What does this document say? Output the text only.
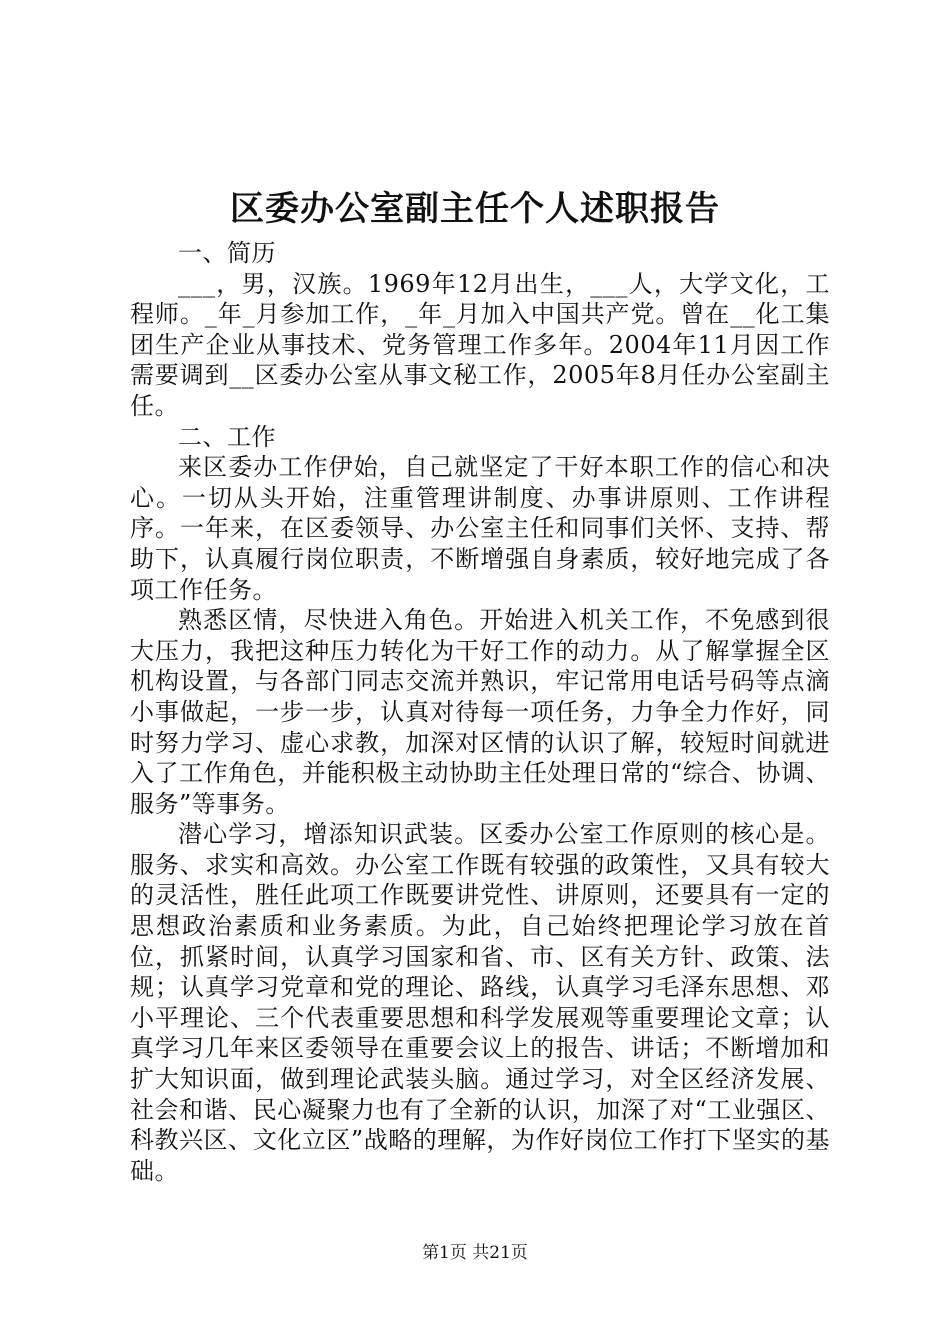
区委办公室副主任个人述职报告

一、简历

___，男，汉族。1969年12月出生，___人，大学文化，工程师。_年_月参加工作，_年_月加入中国共产党。曾在__化工集团生产企业从事技术、党务管理工作多年。2004年11月因工作需要调到__区委办公室从事文秘工作，2005年8月任办公室副主任。

二、工作

来区委办工作伊始，自己就坚定了干好本职工作的信心和决心。一切从头开始，注重管理讲制度、办事讲原则、工作讲程序。一年来，在区委领导、办公室主任和同事们关怀、支持、帮助下，认真履行岗位职责，不断增强自身素质，较好地完成了各项工作任务。

熟悉区情，尽快进入角色。开始进入机关工作，不免感到很大压力，我把这种压力转化为干好工作的动力。从了解掌握全区机构设置，与各部门同志交流并熟识，牢记常用电话号码等点滴小事做起，一步一步，认真对待每一项任务，力争全力作好，同时努力学习、虚心求教，加深对区情的认识了解，较短时间就进入了工作角色，并能积极主动协助主任处理日常的“综合、协调、服务”等事务。

潜心学习，增添知识武装。区委办公室工作原则的核心是。服务、求实和高效。办公室工作既有较强的政策性，又具有较大的灵活性，胜任此项工作既要讲党性、讲原则，还要具有一定的思想政治素质和业务素质。为此，自己始终把理论学习放在首位，抓紧时间，认真学习国家和省、市、区有关方针、政策、法规；认真学习党章和党的理论、路线，认真学习毛泽东思想、邓小平理论、三个代表重要思想和科学发展观等重要理论文章；认真学习几年来区委领导在重要会议上的报告、讲话；不断增加和扩大知识面，做到理论武装头脑。通过学习，对全区经济发展、社会和谐、民心凝聚力也有了全新的认识，加深了对“工业强区、科教兴区、文化立区”战略的理解，为作好岗位工作打下坚实的基础。

第1页 共21页
